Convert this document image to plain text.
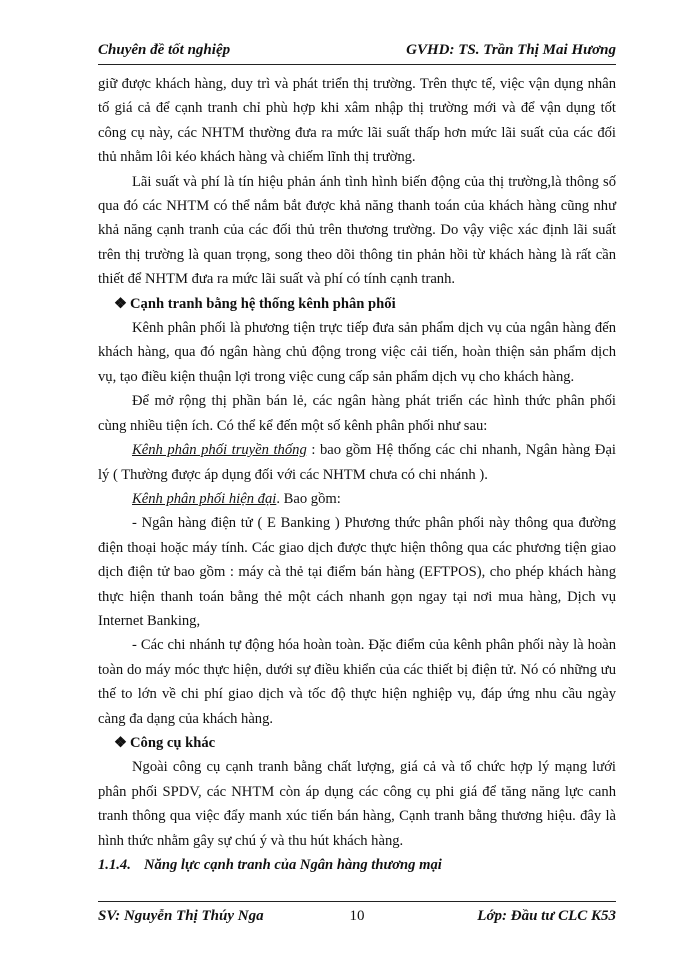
Chuyên đề tốt nghiệp	GVHD: TS. Trần Thị Mai Hương

giữ được khách hàng, duy trì và phát triển thị trường. Trên thực tế, việc vận dụng nhân tố giá cả để cạnh tranh chỉ phù hợp khi xâm nhập thị trường mới và để vận dụng tốt công cụ này, các NHTM thường đưa ra mức lãi suất thấp hơn mức lãi suất của các đối thủ nhằm lôi kéo khách hàng và chiếm lĩnh thị trường.

Lãi suất và phí là tín hiệu phản ánh tình hình biến động của thị trường,là thông số qua đó các NHTM có thể nắm bắt được khả năng thanh toán của khách hàng cũng như khả năng cạnh tranh của các đối thủ trên thương trường. Do vậy việc xác định lãi suất trên thị trường là quan trọng, song theo dõi thông tin phản hồi từ khách hàng là rất cần thiết để NHTM đưa ra mức lãi suất và phí có tính cạnh tranh.

❖ Cạnh tranh bằng hệ thống kênh phân phối

Kênh phân phối là phương tiện trực tiếp đưa sản phẩm dịch vụ của ngân hàng đến khách hàng, qua đó ngân hàng chủ động trong việc cải tiến, hoàn thiện sản phẩm dịch vụ, tạo điều kiện thuận lợi trong việc cung cấp sản phẩm dịch vụ cho khách hàng.

Để mở rộng thị phần bán lẻ, các ngân hàng phát triển các hình thức phân phối cùng nhiều tiện ích. Có thể kể đến một số kênh phân phối như sau:

Kênh phân phối truyền thống : bao gồm Hệ thống các chi nhanh, Ngân hàng Đại lý ( Thường được áp dụng đối với các NHTM chưa có chi nhánh ).

Kênh phân phối hiện đại. Bao gồm:

- Ngân hàng điện tử ( E Banking ) Phương thức phân phối này thông qua đường điện thoại hoặc máy tính. Các giao dịch được thực hiện thông qua các phương tiện giao dịch điện tử bao gồm : máy cà thẻ tại điểm bán hàng (EFTPOS), cho phép khách hàng thực hiện thanh toán bằng thẻ một cách nhanh gọn ngay tại nơi mua hàng, Dịch vụ Internet Banking,

- Các chi nhánh tự động hóa hoàn toàn. Đặc điểm của kênh phân phối này là hoàn toàn do máy móc thực hiện, dưới sự điều khiển của các thiết bị điện tử. Nó có những ưu thế to lớn về chi phí giao dịch và tốc độ thực hiện nghiệp vụ, đáp ứng nhu cầu ngày càng đa dạng của khách hàng.

❖ Công cụ khác

Ngoài công cụ cạnh tranh bằng chất lượng, giá cả và tổ chức hợp lý mạng lưới phân phối SPDV, các NHTM còn áp dụng các công cụ phi giá để tăng năng lực canh tranh thông qua việc đẩy manh xúc tiến bán hàng, Cạnh tranh bằng thương hiệu. đây là hình thức nhằm gây sự chú ý và thu hút khách hàng.

1.1.4. Năng lực cạnh tranh của Ngân hàng thương mại

SV: Nguyễn Thị Thúy Nga	10	Lớp: Đầu tư CLC K53
